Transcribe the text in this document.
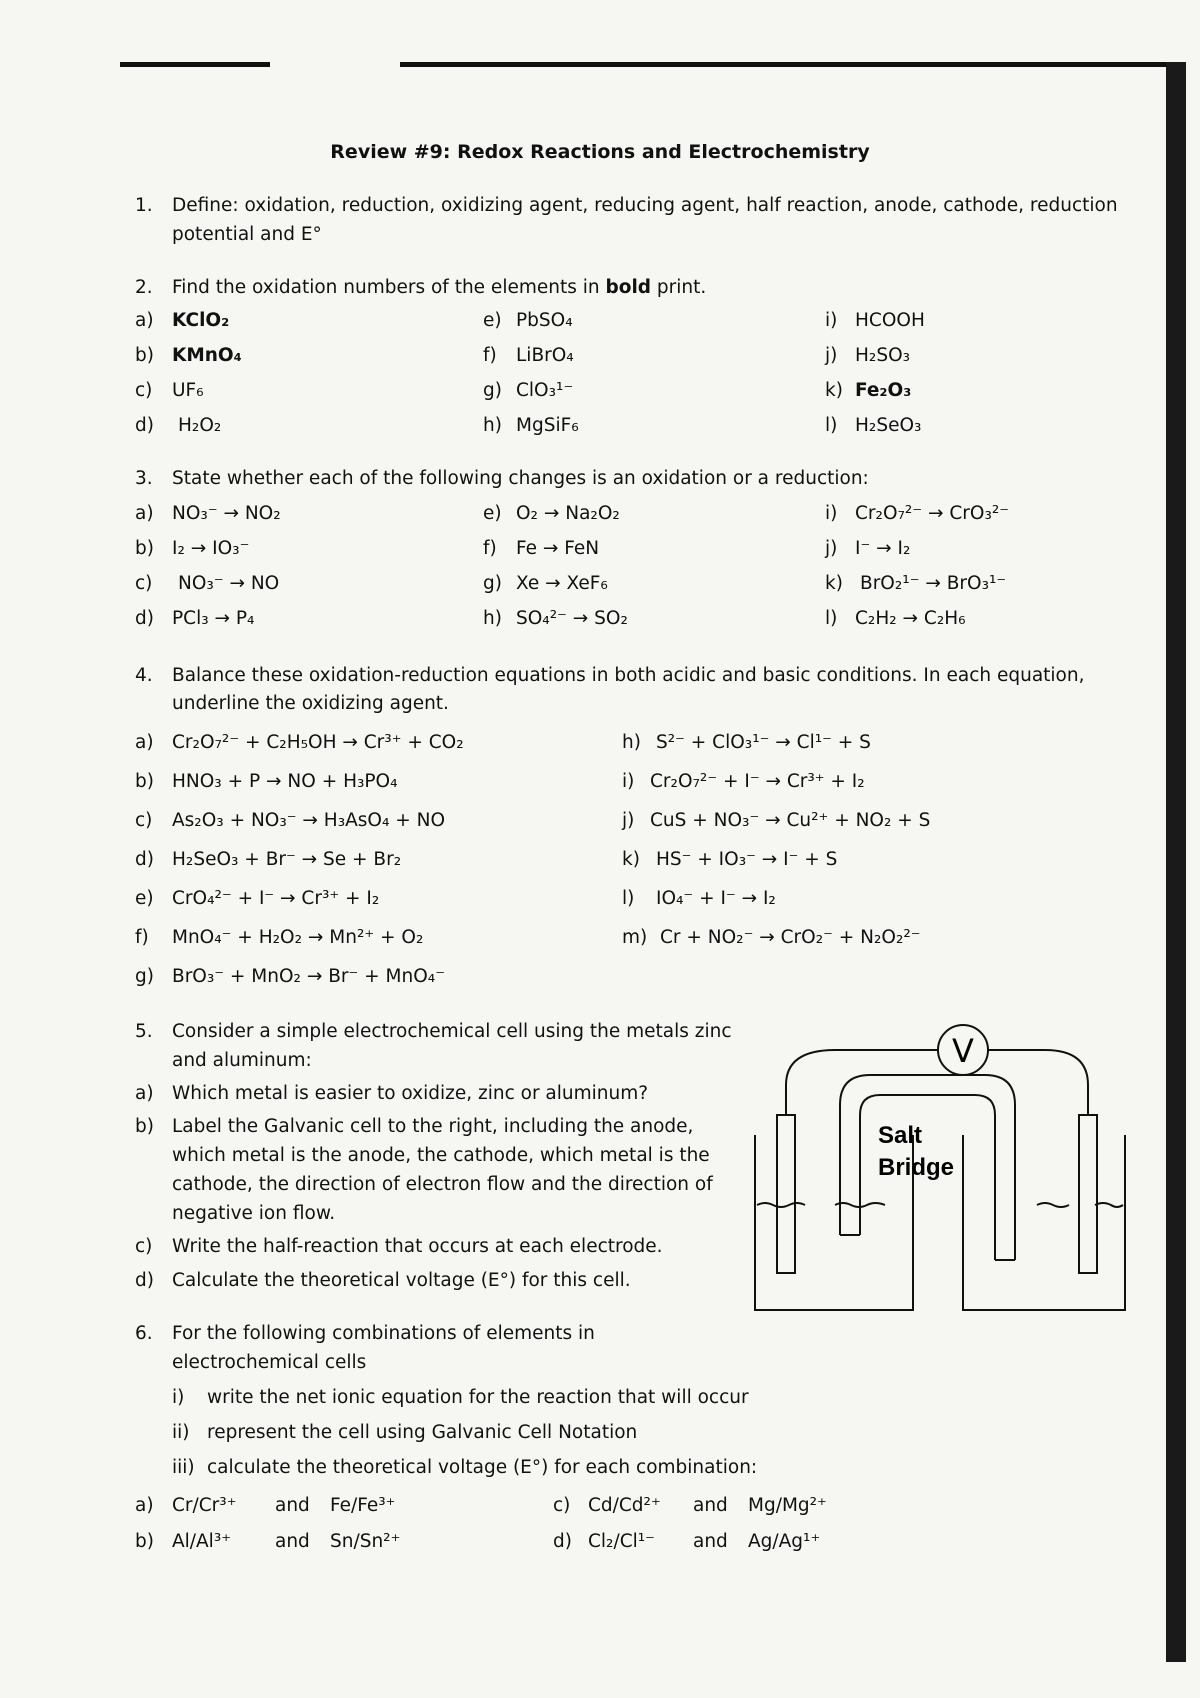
Review #9: Redox Reactions and Electrochemistry
1. Define: oxidation, reduction, oxidizing agent, reducing agent, half reaction, anode, cathode, reduction
potential and E°
2. Find the oxidation numbers of the elements in bold print.
a) KClO₂
b) KMnO₄
c) UF₆
d) H₂O₂
e) PbSO₄
f) LiBrO₄
g) ClO₃¹⁻
h) MgSiF₆
i) HCOOH
j) H₂SO₃
k) Fe₂O₃
l) H₂SeO₃
3. State whether each of the following changes is an oxidation or a reduction:
a) NO₃⁻ → NO₂
b) I₂ → IO₃⁻
c) NO₃⁻ → NO
d) PCl₃ → P₄
e) O₂ → Na₂O₂
f) Fe → FeN
g) Xe → XeF₆
h) SO₄²⁻ → SO₂
i) Cr₂O₇²⁻ → CrO₃²⁻
j) I⁻ → I₂
k) BrO₂¹⁻ → BrO₃¹⁻
l) C₂H₂ → C₂H₆
4. Balance these oxidation-reduction equations in both acidic and basic conditions. In each equation,
underline the oxidizing agent.
a) Cr₂O₇²⁻ + C₂H₅OH → Cr³⁺ + CO₂
b) HNO₃ + P → NO + H₃PO₄
c) As₂O₃ + NO₃⁻ → H₃AsO₄ + NO
d) H₂SeO₃ + Br⁻ → Se + Br₂
e) CrO₄²⁻ + I⁻ → Cr³⁺ + I₂
f) MnO₄⁻ + H₂O₂ → Mn²⁺ + O₂
g) BrO₃⁻ + MnO₂ → Br⁻ + MnO₄⁻
h) S²⁻ + ClO₃¹⁻ → Cl¹⁻ + S
i) Cr₂O₇²⁻ + I⁻ → Cr³⁺ + I₂
j) CuS + NO₃⁻ → Cu²⁺ + NO₂ + S
k) HS⁻ + IO₃⁻ → I⁻ + S
l) IO₄⁻ + I⁻ → I₂
m) Cr + NO₂⁻ → CrO₂⁻ + N₂O₂²⁻
5. Consider a simple electrochemical cell using the metals zinc
and aluminum:
a) Which metal is easier to oxidize, zinc or aluminum?
b) Label the Galvanic cell to the right, including the anode,
which metal is the anode, the cathode, which metal is the
cathode, the direction of electron flow and the direction of
negative ion flow.
c) Write the half-reaction that occurs at each electrode.
d) Calculate the theoretical voltage (E°) for this cell.
V
Salt
Bridge
6. For the following combinations of elements in
electrochemical cells
i) write the net ionic equation for the reaction that will occur
ii) represent the cell using Galvanic Cell Notation
iii) calculate the theoretical voltage (E°) for each combination:
a) Cr/Cr³⁺ and Fe/Fe³⁺
b) Al/Al³⁺ and Sn/Sn²⁺
c) Cd/Cd²⁺ and Mg/Mg²⁺
d) Cl₂/Cl¹⁻ and Ag/Ag¹⁺
